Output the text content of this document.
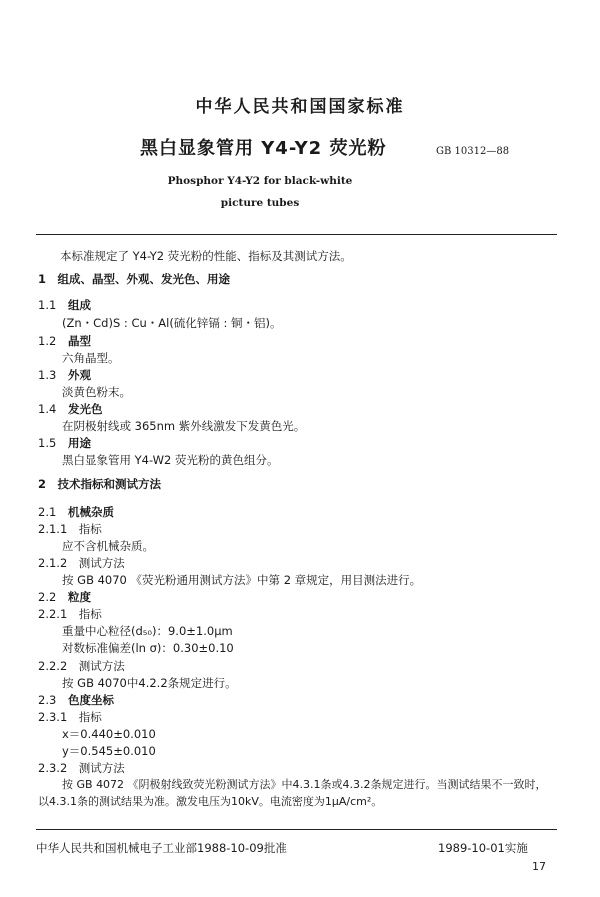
中华人民共和国国家标准
黑白显象管用 Y4-Y2 荧光粉	GB 10312—88
Phosphor Y4-Y2 for black-white
picture tubes
本标准规定了 Y4-Y2 荧光粉的性能、指标及其测试方法。
1　组成、晶型、外观、发光色、用途
1.1 组成
(Zn・Cd)S : Cu・Al(硫化锌镉 : 铜・铝)。
1.2 晶型
六角晶型。
1.3 外观
淡黄色粉末。
1.4 发光色
在阴极射线或 365nm 紫外线激发下发黄色光。
1.5 用途
黑白显象管用 Y4-W2 荧光粉的黄色组分。
2　技术指标和测试方法
2.1 机械杂质
2.1.1　指标
应不含机械杂质。
2.1.2　测试方法
按 GB 4070 《荧光粉通用测试方法》中第 2 章规定，用目测法进行。
2.2 粒度
2.2.1　指标
重量中心粒径(d₅₀)：9.0±1.0μm
对数标准偏差(ln σ)：0.30±0.10
2.2.2　测试方法
按 GB 4070中4.2.2条规定进行。
2.3 色度坐标
2.3.1　指标
x＝0.440±0.010
y＝0.545±0.010
2.3.2　测试方法
按 GB 4072 《阴极射线致荧光粉测试方法》中4.3.1条或4.3.2条规定进行。当测试结果不一致时，
以4.3.1条的测试结果为准。激发电压为10kV。电流密度为1μA/cm²。
中华人民共和国机械电子工业部1988-10-09批准	1989-10-01实施
17
